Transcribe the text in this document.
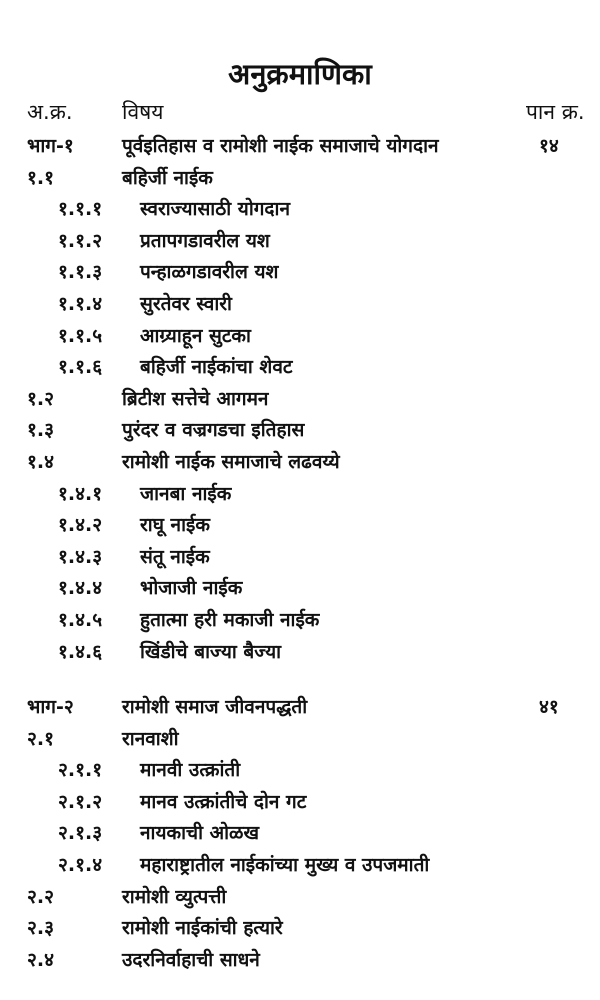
अनुक्रमाणिका
अ.क्र. विषय	पान क्र.
भाग-१	पूर्वइतिहास व रामोशी नाईक समाजाचे योगदान	१४
१.१	बहिर्जी नाईक
१.१.१ स्वराज्यासाठी योगदान
१.१.२ प्रतापगडावरील यश
१.१.३ पन्हाळगडावरील यश
१.१.४ सुरतेवर स्वारी
१.१.५ आग्र्याहून सुटका
१.१.६ बहिर्जी नाईकांचा शेवट
१.२	ब्रिटीश सत्तेचे आगमन
१.३	पुरंदर व वज्रगडचा इतिहास
१.४	रामोशी नाईक समाजाचे लढवय्ये
१.४.१ जानबा नाईक
१.४.२ राघू नाईक
१.४.३ संतू नाईक
१.४.४ भोजाजी नाईक
१.४.५ हुतात्मा हरी मकाजी नाईक
१.४.६ खिंडीचे बाज्या बैज्या
भाग-२	रामोशी समाज जीवनपद्धती	४१
२.१	रानवाशी
२.१.१ मानवी उत्क्रांती
२.१.२ मानव उत्क्रांतीचे दोन गट
२.१.३ नायकाची ओळख
२.१.४ महाराष्ट्रातील नाईकांच्या मुख्य व उपजमाती
२.२	रामोशी व्युत्पत्ती
२.३	रामोशी नाईकांची हत्यारे
२.४	उदरनिर्वाहाची साधने
